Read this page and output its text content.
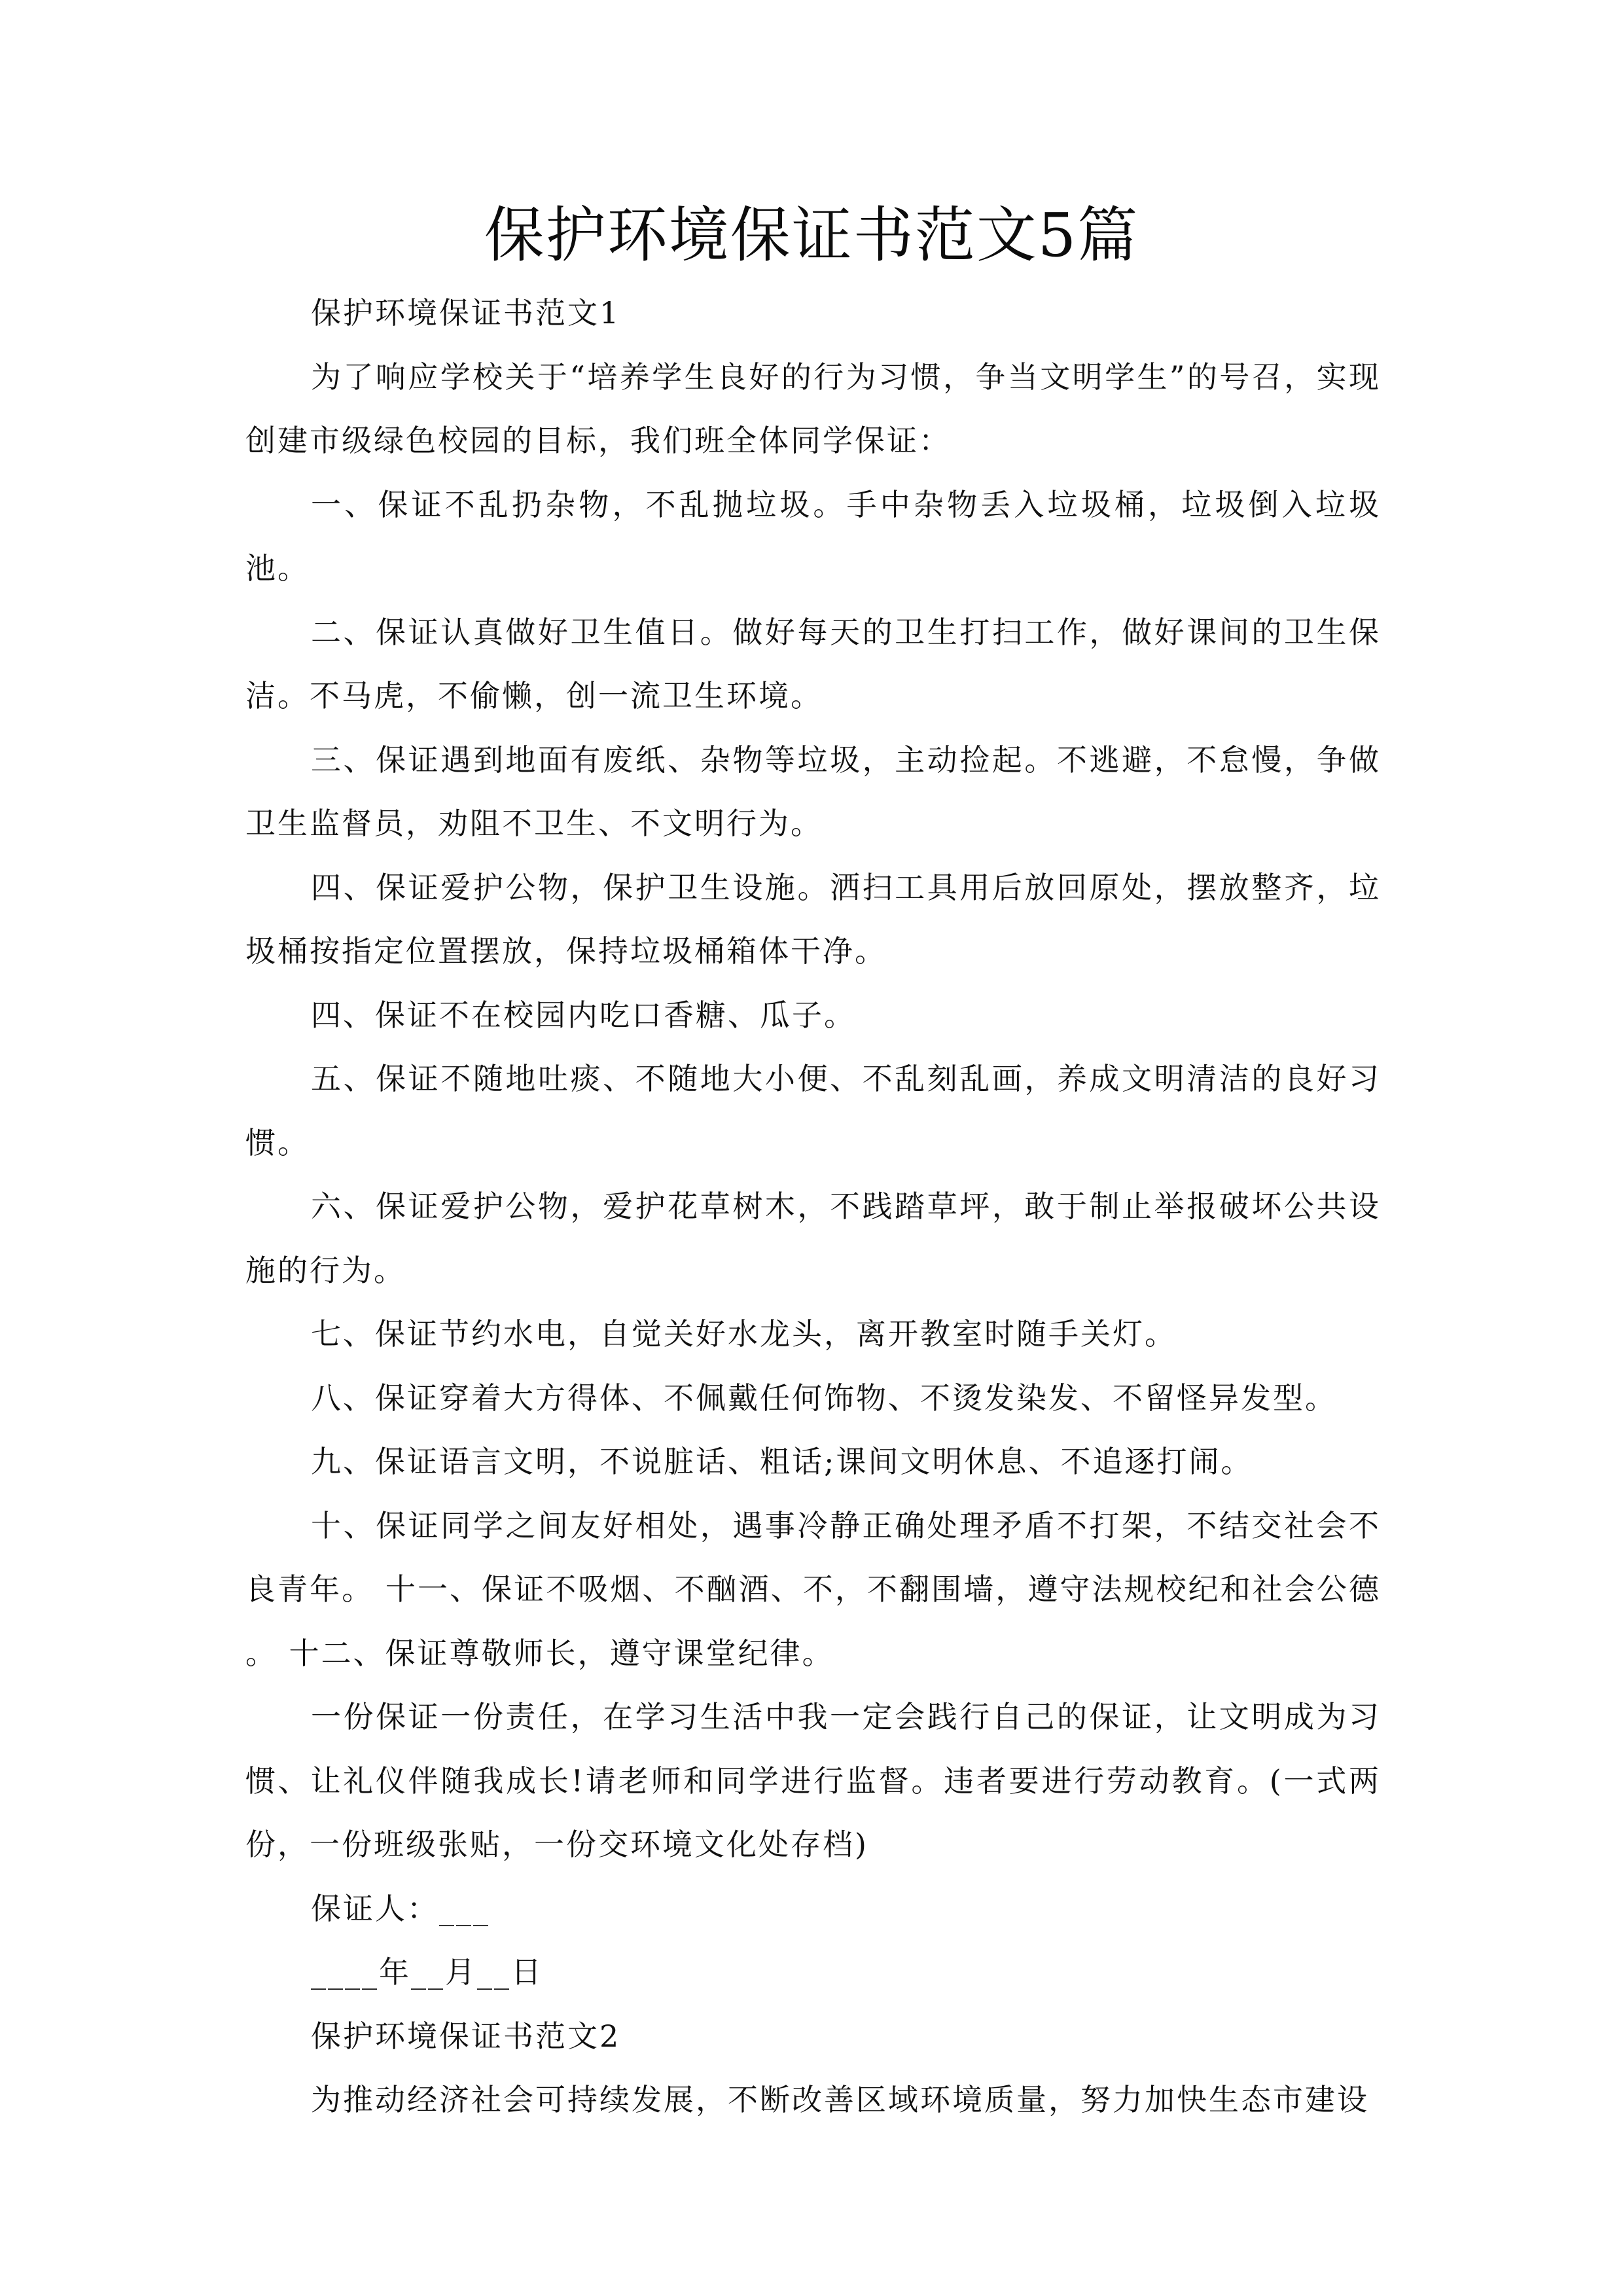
保护环境保证书范文5篇

保护环境保证书范文1

为了响应学校关于“培养学生良好的行为习惯，争当文明学生”的号召，实现创建市级绿色校园的目标，我们班全体同学保证：

一、保证不乱扔杂物，不乱抛垃圾。手中杂物丢入垃圾桶，垃圾倒入垃圾池。

二、保证认真做好卫生值日。做好每天的卫生打扫工作，做好课间的卫生保洁。不马虎，不偷懒，创一流卫生环境。

三、保证遇到地面有废纸、杂物等垃圾，主动捡起。不逃避，不怠慢，争做卫生监督员，劝阻不卫生、不文明行为。

四、保证爱护公物，保护卫生设施。洒扫工具用后放回原处，摆放整齐，垃圾桶按指定位置摆放，保持垃圾桶箱体干净。

四、保证不在校园内吃口香糖、瓜子。

五、保证不随地吐痰、不随地大小便、不乱刻乱画，养成文明清洁的良好习惯。

六、保证爱护公物，爱护花草树木，不践踏草坪，敢于制止举报破坏公共设施的行为。

七、保证节约水电，自觉关好水龙头，离开教室时随手关灯。

八、保证穿着大方得体、不佩戴任何饰物、不烫发染发、不留怪异发型。

九、保证语言文明，不说脏话、粗话;课间文明休息、不追逐打闹。

十、保证同学之间友好相处，遇事冷静正确处理矛盾不打架，不结交社会不良青年。 十一、保证不吸烟、不酗酒、不，不翻围墙，遵守法规校纪和社会公德 。 十二、保证尊敬师长，遵守课堂纪律。

一份保证一份责任，在学习生活中我一定会践行自己的保证，让文明成为习惯、让礼仪伴随我成长!请老师和同学进行监督。违者要进行劳动教育。(一式两份，一份班级张贴，一份交环境文化处存档)

保证人：___

____年__月__日

保护环境保证书范文2

为推动经济社会可持续发展，不断改善区域环境质量，努力加快生态市建设
